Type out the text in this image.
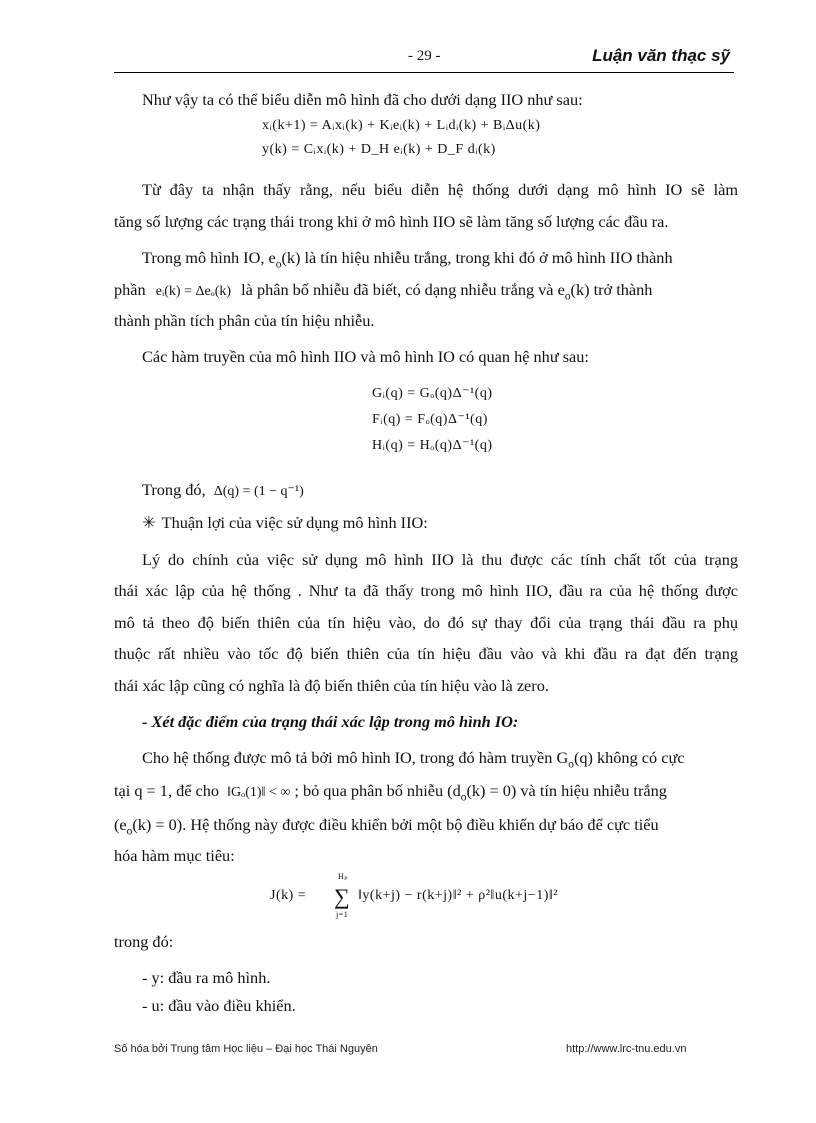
- 29 -	Luận văn thạc sỹ
Như vậy ta có thể biểu diễn mô hình đã cho dưới dạng IIO như sau:
xᵢ(k+1) = Aᵢxᵢ(k) + Kᵢeᵢ(k) + Lᵢdᵢ(k) + BᵢΔu(k)
y(k) = Cᵢxᵢ(k) + D_H eᵢ(k) + D_F dᵢ(k)
Từ đây ta nhận thấy rằng, nếu biểu diễn hệ thống dưới dạng mô hình IO sẽ làm
tăng số lượng các trạng thái trong khi ở mô hình IIO sẽ làm tăng số lượng các đầu ra.
Trong mô hình IO, $e_o(k)$ là tín hiệu nhiễu trắng, trong khi đó ở mô hình IIO thành
phần eᵢ(k) = Δeₒ(k) là phân bố nhiễu đã biết, có dạng nhiễu trắng và $e_o(k)$ trở thành
thành phần tích phân của tín hiệu nhiễu.
Các hàm truyền của mô hình IIO và mô hình IO có quan hệ như sau:
Gᵢ(q) = Gₒ(q)Δ⁻¹(q)
Fᵢ(q) = Fₒ(q)Δ⁻¹(q)
Hᵢ(q) = Hₒ(q)Δ⁻¹(q)
Trong đó, Δ(q) = (1 − q⁻¹)
✳ Thuận lợi của việc sử dụng mô hình IIO:
Lý do chính của việc sử dụng mô hình IIO là thu được các tính chất tốt của trạng
thái xác lập của hệ thống . Như ta đã thấy trong mô hình IIO, đầu ra của hệ thống được
mô tả theo độ biến thiên của tín hiệu vào, do đó sự thay đổi của trạng thái đầu ra phụ
thuộc rất nhiều vào tốc độ biến thiên của tín hiệu đầu vào và khi đầu ra đạt đến trạng
thái xác lập cũng có nghĩa là độ biến thiên của tín hiệu vào là zero.
- Xét đặc điểm của trạng thái xác lập trong mô hình IO:
Cho hệ thống được mô tả bởi mô hình IO, trong đó hàm truyền $G_o(q)$ không có cực
tại q = 1, để cho ‖Gₒ(1)‖ < ∞ ; bỏ qua phân bố nhiễu $(d_o(k) = 0)$ và tín hiệu nhiễu trắng
$(e_o(k) = 0)$. Hệ thống này được điều khiển bởi một bộ điều khiển dự báo để cực tiểu
hóa hàm mục tiêu:
J(k) =
Hₚ
∑
j=1
‖y(k+j) − r(k+j)‖² + ρ²‖u(k+j−1)‖²
trong đó:
- y: đầu ra mô hình.
- u: đầu vào điều khiển.
Số hóa bởi Trung tâm Học liệu – Đại học Thái Nguyên	http://www.lrc-tnu.edu.vn
